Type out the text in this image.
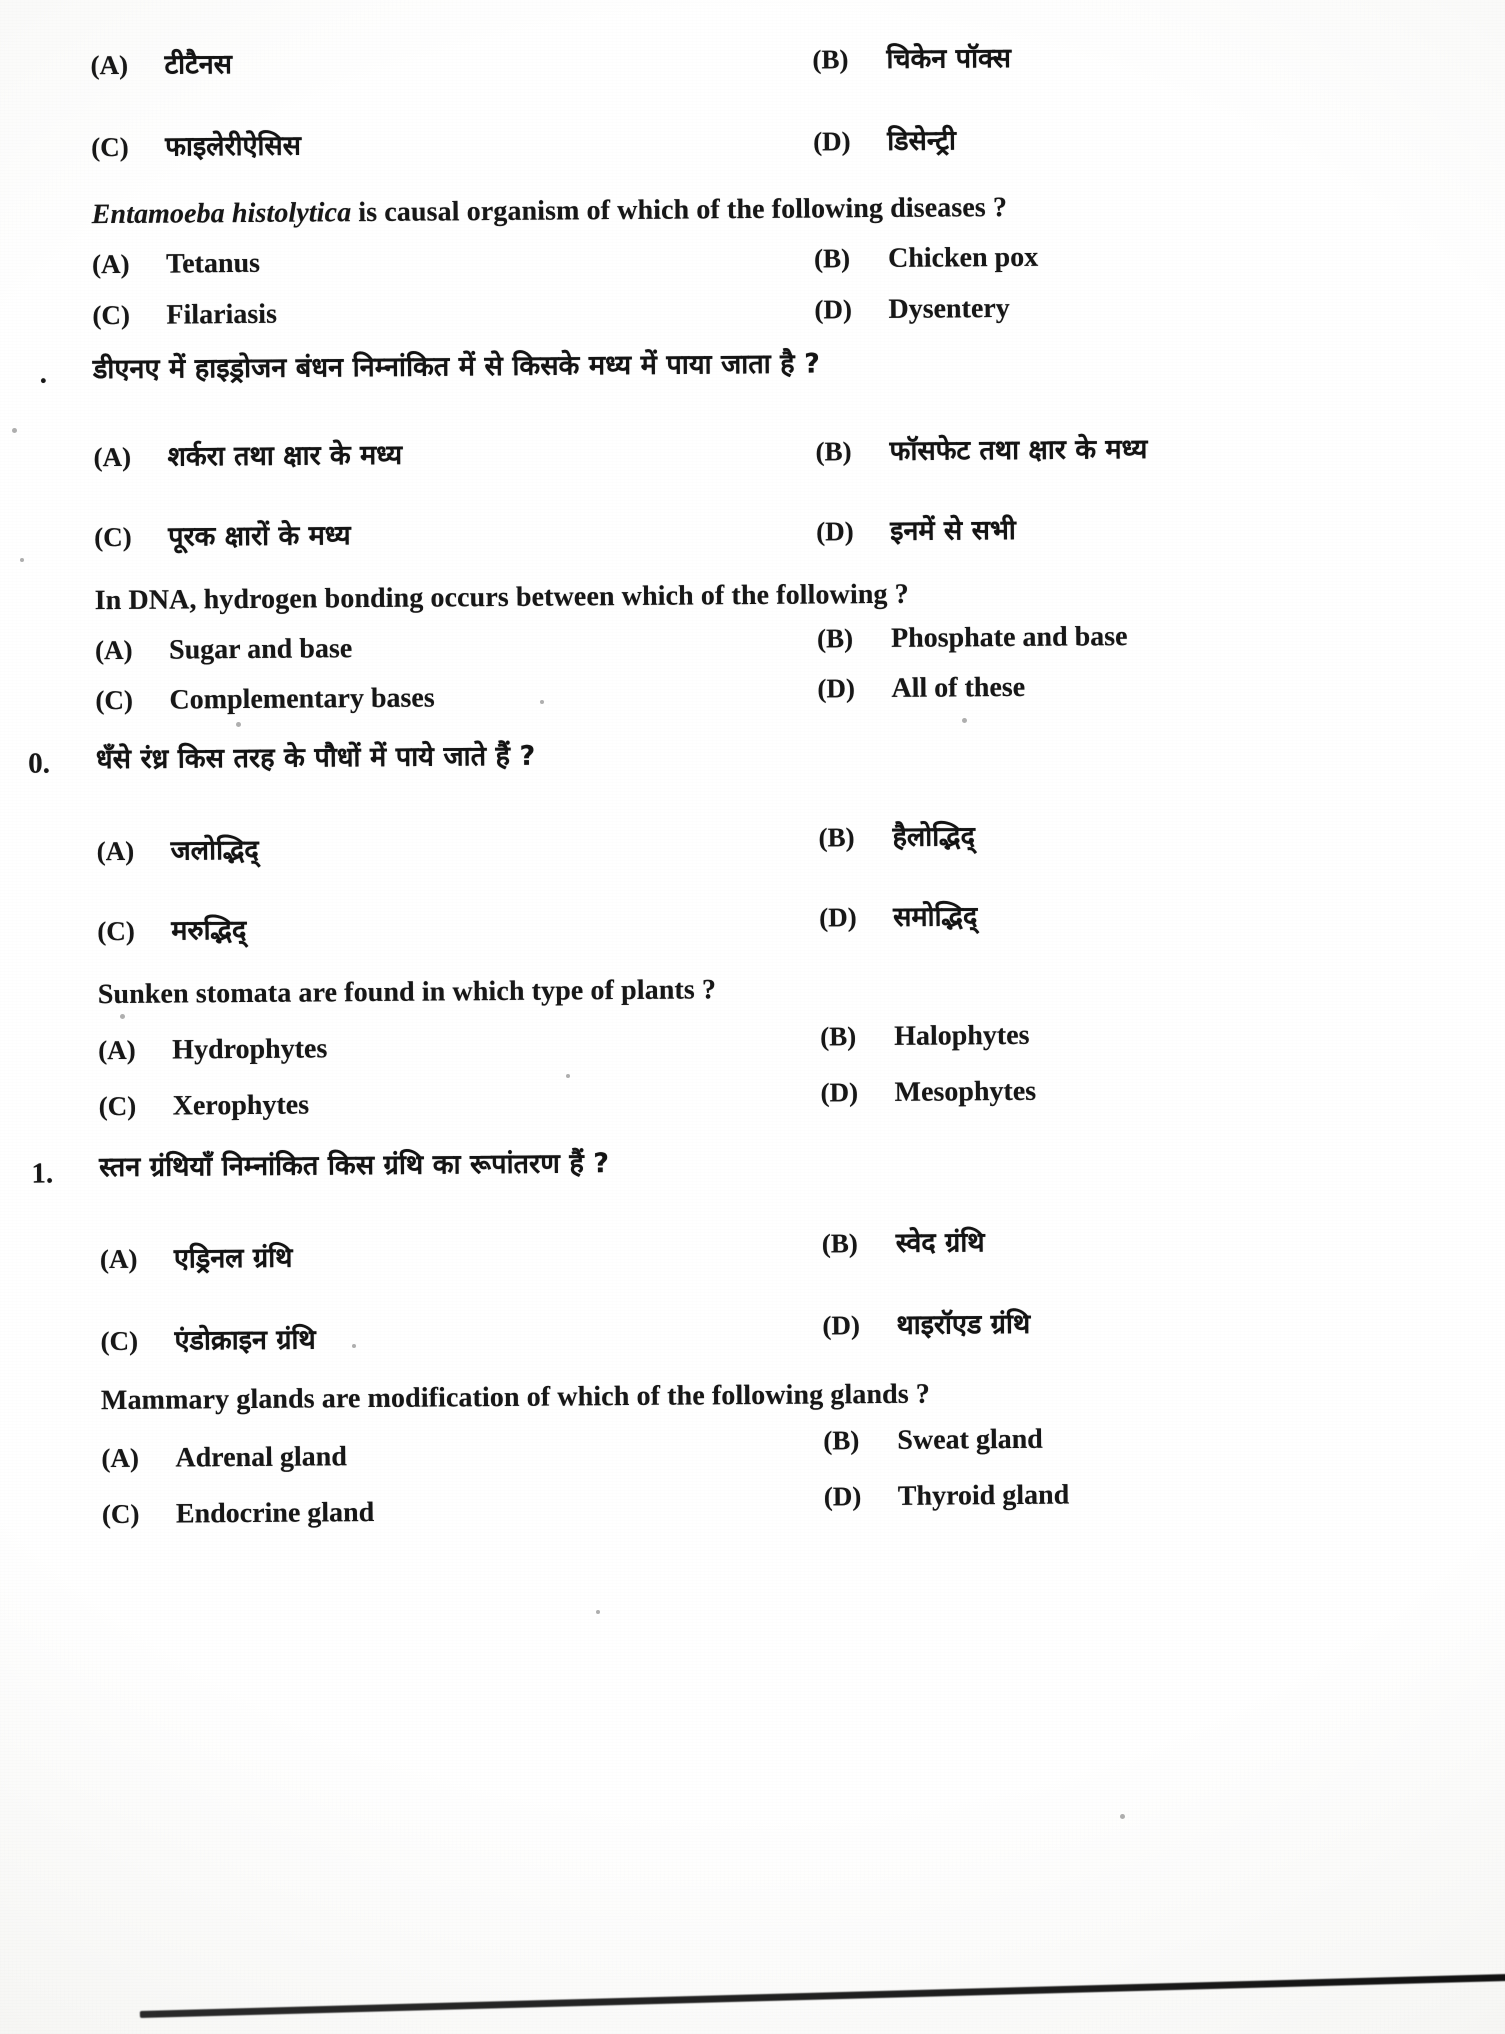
(A)	टीटैनस	(B)	चिकेन पॉक्स
(C)	फाइलेरीऐसिस	(D)	डिसेन्ट्री
Entamoeba histolytica is causal organism of which of the following diseases ?
(A)	Tetanus	(B)	Chicken pox
(C)	Filariasis	(D)	Dysentery
. डीएनए में हाइड्रोजन बंधन निम्नांकित में से किसके मध्य में पाया जाता है ?
(A)	शर्करा तथा क्षार के मध्य	(B)	फॉसफेट तथा क्षार के मध्य
(C)	पूरक क्षारों के मध्य	(D)	इनमें से सभी
In DNA, hydrogen bonding occurs between which of the following ?
(A)	Sugar and base	(B)	Phosphate and base
(C)	Complementary bases	(D)	All of these
0. धँसे रंध्र किस तरह के पौधों में पाये जाते हैं ?
(A)	जलोद्भिद्	(B)	हैलोद्भिद्
(C)	मरुद्भिद्	(D)	समोद्भिद्
Sunken stomata are found in which type of plants ?
(A)	Hydrophytes	(B)	Halophytes
(C)	Xerophytes	(D)	Mesophytes
1. स्तन ग्रंथियाँ निम्नांकित किस ग्रंथि का रूपांतरण हैं ?
(A)	एड्रिनल ग्रंथि	(B)	स्वेद ग्रंथि
(C)	एंडोक्राइन ग्रंथि	(D)	थाइरॉएड ग्रंथि
Mammary glands are modification of which of the following glands ?
(A)	Adrenal gland
(B)	Sweat gland
(C)	Endocrine gland
(D)	Thyroid gland
